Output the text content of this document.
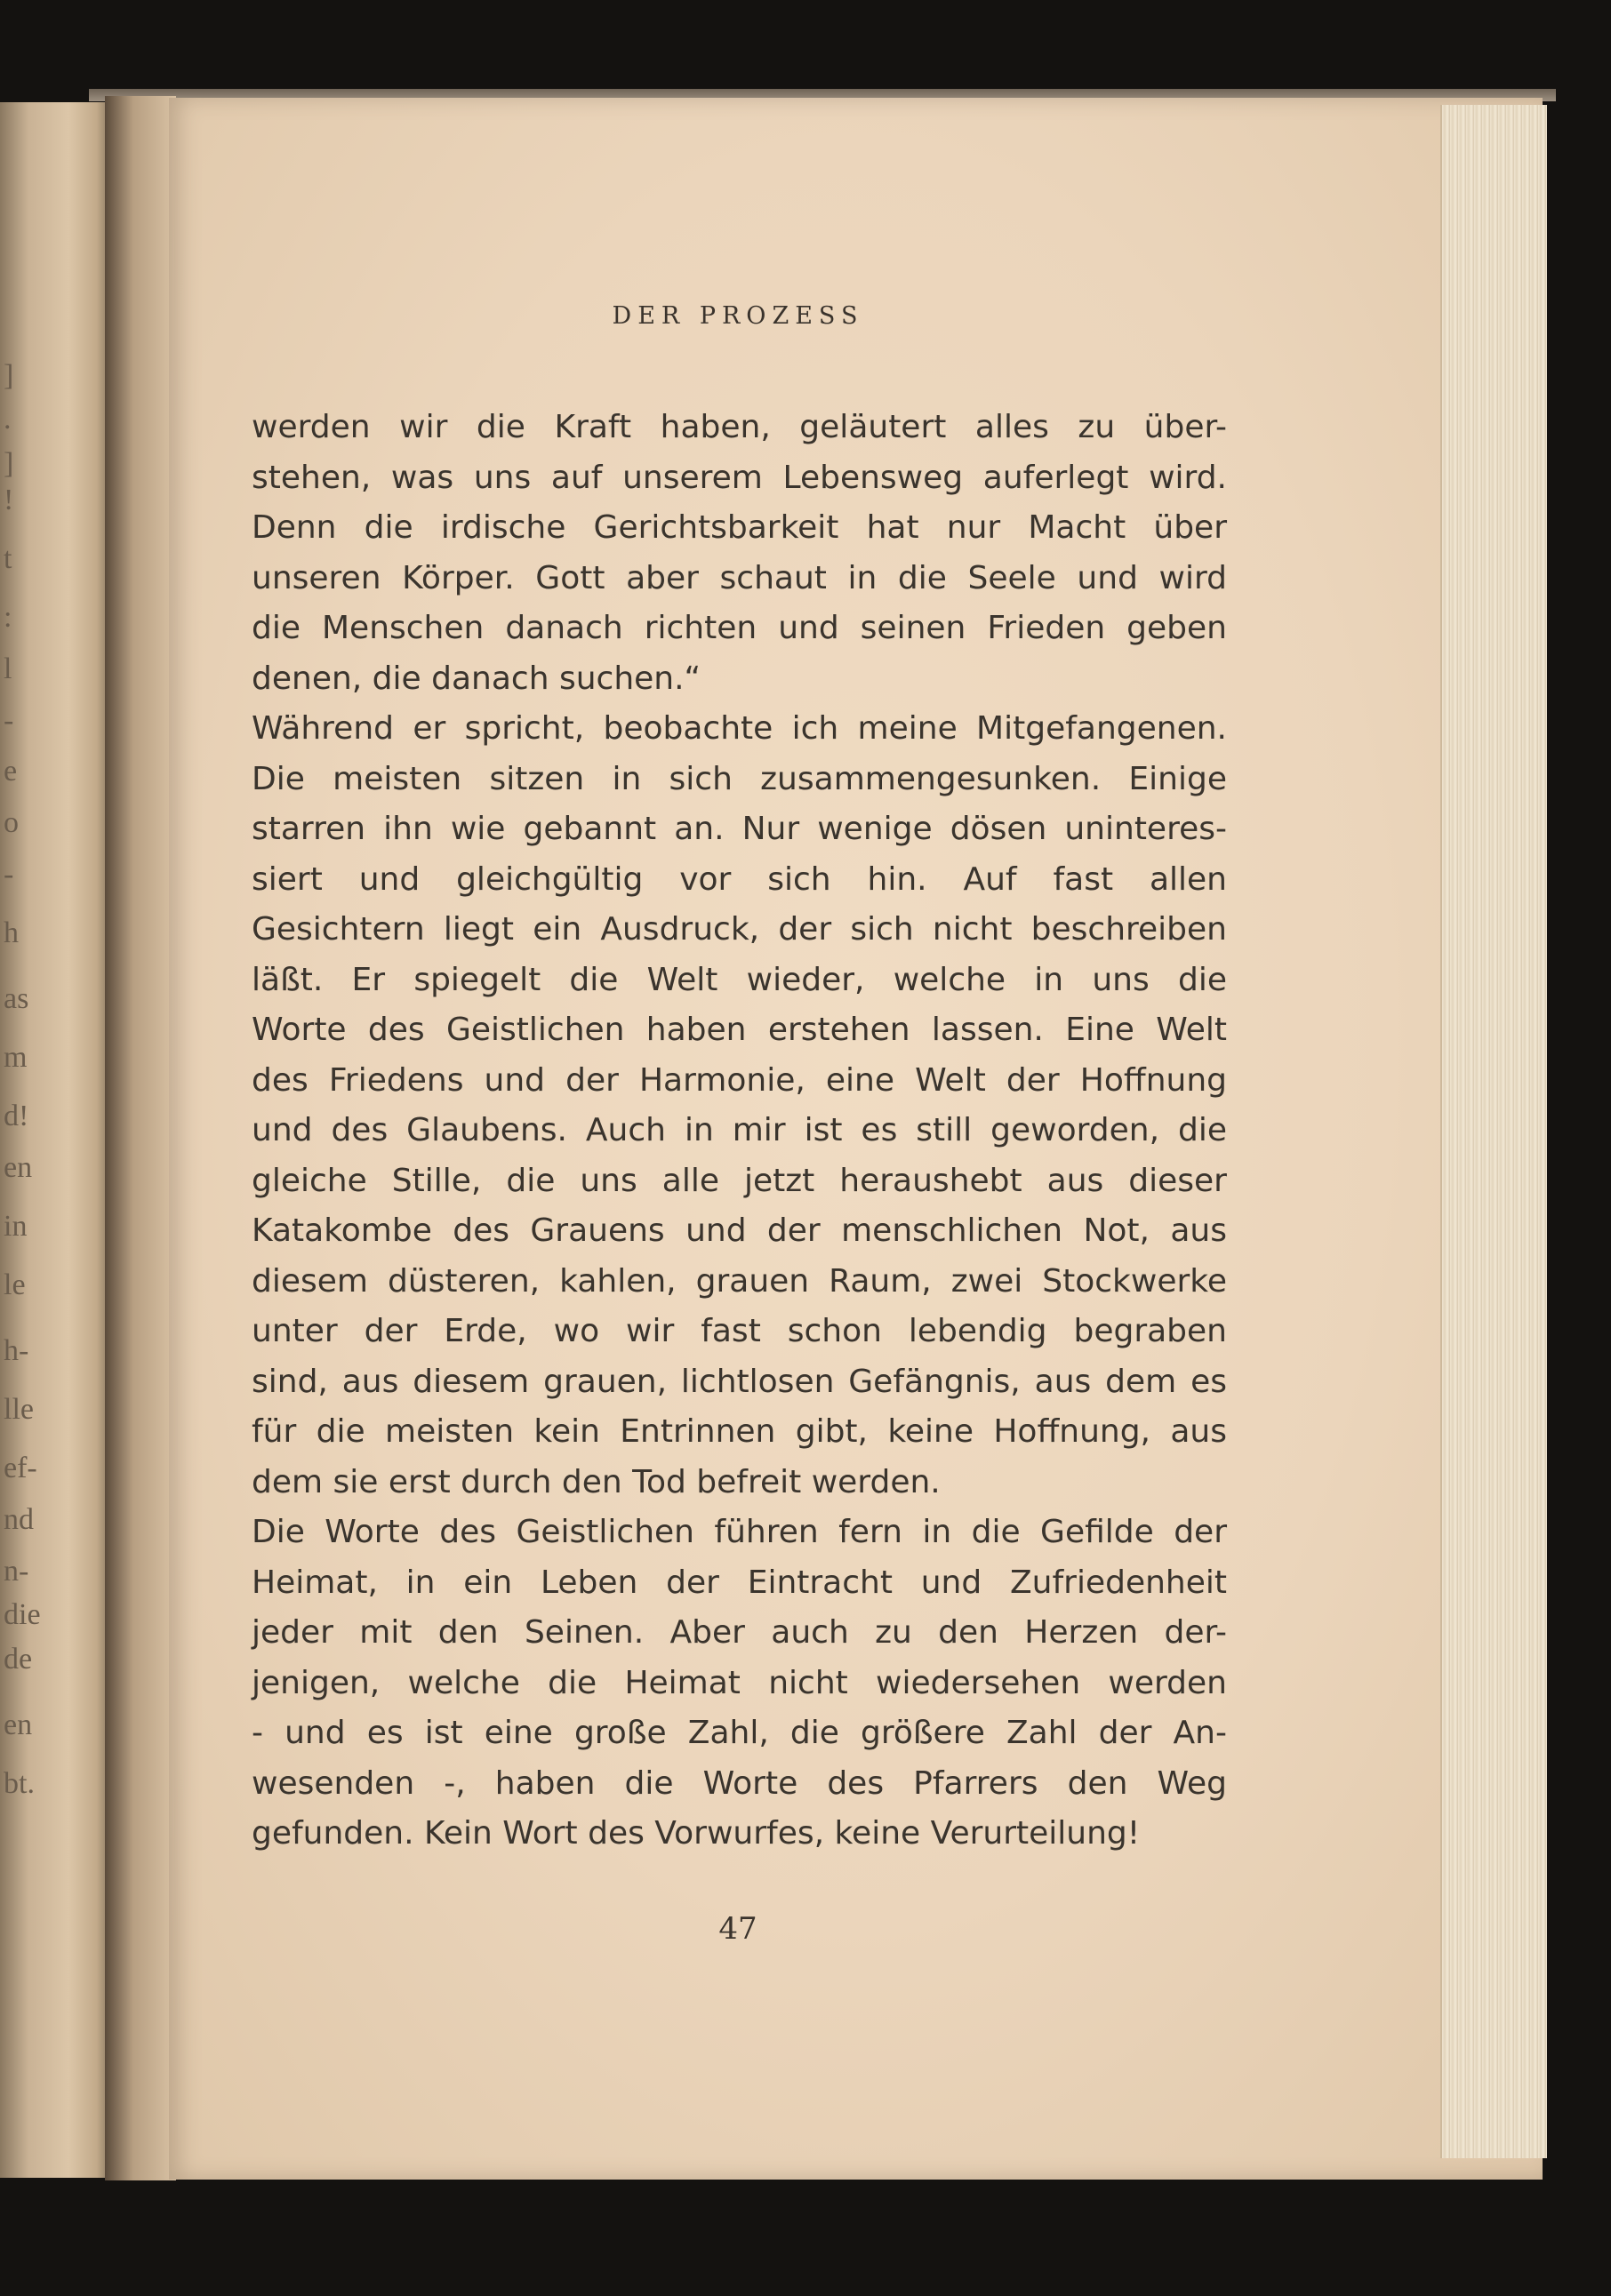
]
.
]
!
t
:
l
-
e
o
-
h
as
m
d!
en
in
le
h-
lle
ef-
nd
n-
die
de
en
bt.
DER PROZESS
werden wir die Kraft haben, geläutert alles zu über-
stehen, was uns auf unserem Lebensweg auferlegt wird.
Denn die irdische Gerichtsbarkeit hat nur Macht über
unseren Körper. Gott aber schaut in die Seele und wird
die Menschen danach richten und seinen Frieden geben
denen, die danach suchen.“
Während er spricht, beobachte ich meine Mitgefangenen.
Die meisten sitzen in sich zusammengesunken. Einige
starren ihn wie gebannt an. Nur wenige dösen uninteres-
siert und gleichgültig vor sich hin. Auf fast allen
Gesichtern liegt ein Ausdruck, der sich nicht beschreiben
läßt. Er spiegelt die Welt wieder, welche in uns die
Worte des Geistlichen haben erstehen lassen. Eine Welt
des Friedens und der Harmonie, eine Welt der Hoffnung
und des Glaubens. Auch in mir ist es still geworden, die
gleiche Stille, die uns alle jetzt heraushebt aus dieser
Katakombe des Grauens und der menschlichen Not, aus
diesem düsteren, kahlen, grauen Raum, zwei Stockwerke
unter der Erde, wo wir fast schon lebendig begraben
sind, aus diesem grauen, lichtlosen Gefängnis, aus dem es
für die meisten kein Entrinnen gibt, keine Hoffnung, aus
dem sie erst durch den Tod befreit werden.
Die Worte des Geistlichen führen fern in die Gefilde der
Heimat, in ein Leben der Eintracht und Zufriedenheit
jeder mit den Seinen. Aber auch zu den Herzen der-
jenigen, welche die Heimat nicht wiedersehen werden
- und es ist eine große Zahl, die größere Zahl der An-
wesenden -, haben die Worte des Pfarrers den Weg
gefunden. Kein Wort des Vorwurfes, keine Verurteilung!
47
